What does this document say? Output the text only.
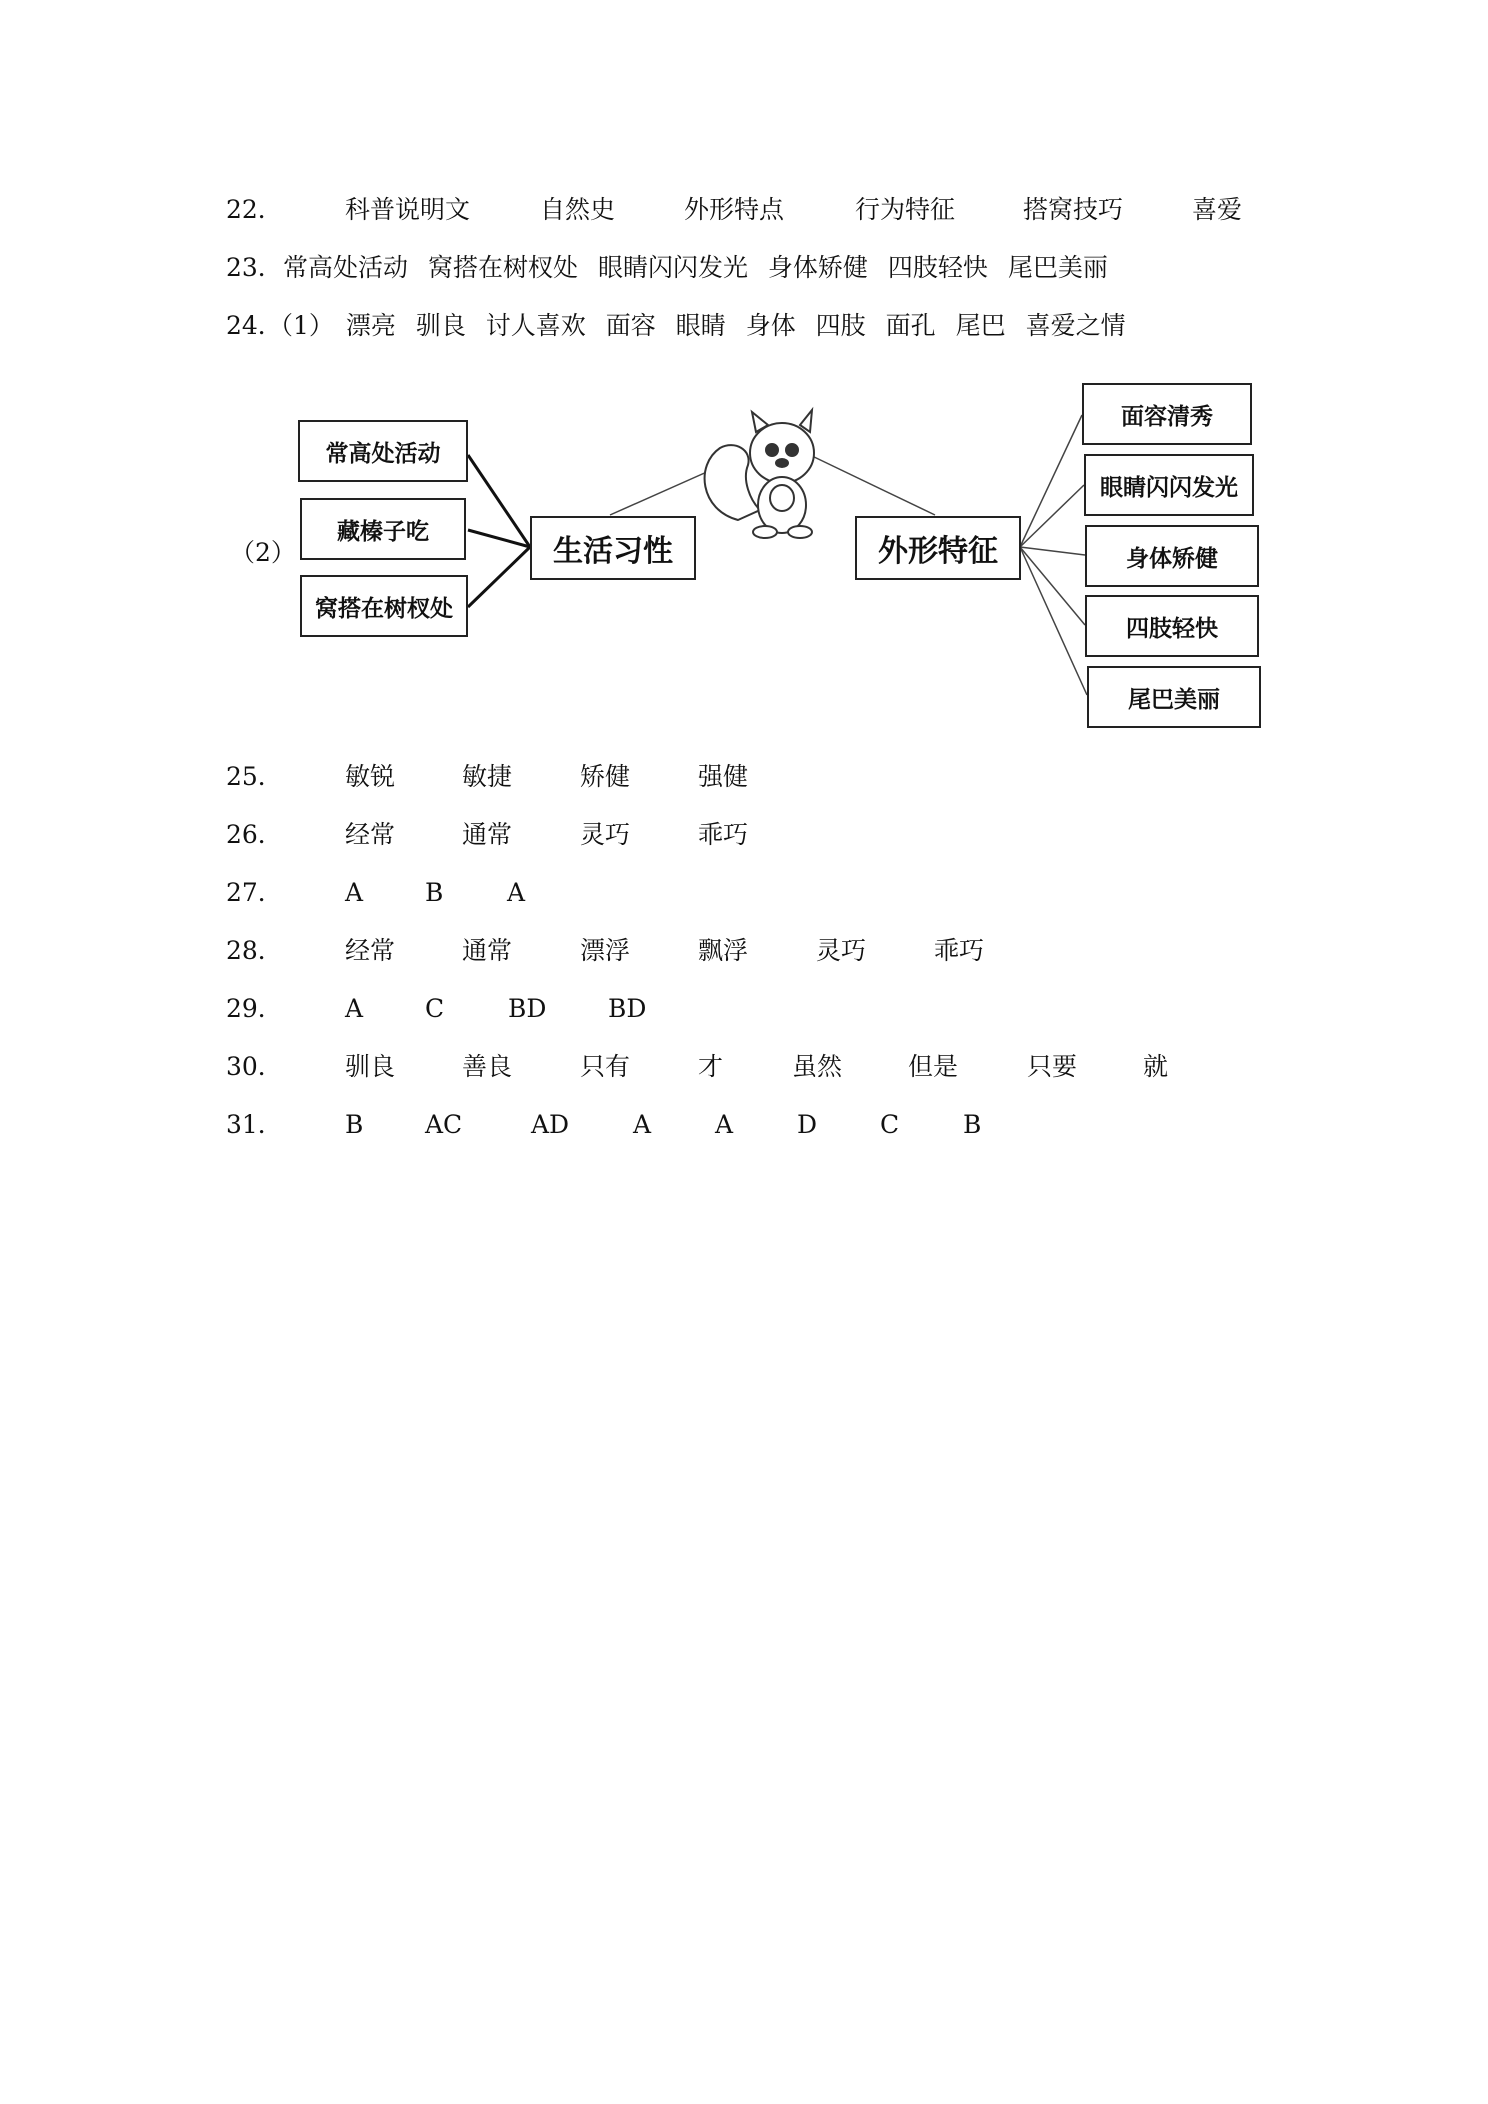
22． 科普说明文	自然史	外形特点	行为特征	搭窝技巧	喜爱
23． 常高处活动 窝搭在树杈处 眼睛闪闪发光 身体矫健 四肢轻快 尾巴美丽
24．
（1） 漂亮 驯良 讨人喜欢 面容 眼睛 身体 四肢 面孔 尾巴 喜爱之情
（2）
常高处活动
藏榛子吃
窝搭在树杈处
生活习性	外形特征
面容清秀
眼睛闪闪发光
身体矫健
四肢轻快
尾巴美丽
25． 敏锐	敏捷	矫健	强健
26． 经常	通常	灵巧	乖巧
27． A B	A
28． 经常	通常	漂浮	飘浮	灵巧	乖巧
29． A C	BD BD
30． 驯良	善良	只有	才	虽然	但是	只要	就
31． B AC	AD	A	A	D	C	B
